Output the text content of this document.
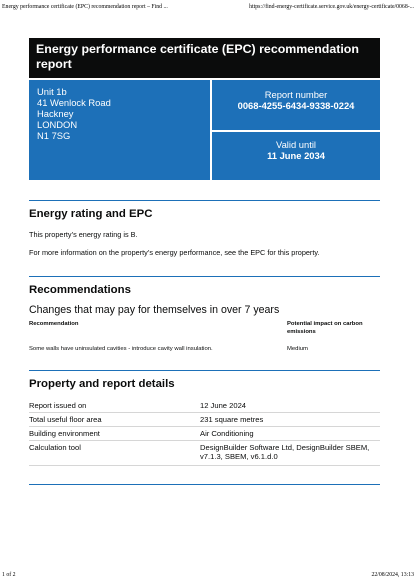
Energy performance certificate (EPC) recommendation report – Find ...	https://find-energy-certificate.service.gov.uk/energy-certificate/0068-...
Energy performance certificate (EPC) recommendation report
Unit 1b
41 Wenlock Road
Hackney
LONDON
N1 7SG
Report number
0068-4255-6434-9338-0224
Valid until
11 June 2034
Energy rating and EPC

This property’s energy rating is B.

For more information on the property’s energy performance, see the EPC for this property.

Recommendations
Changes that may pay for themselves in over 7 years
Recommendation	Potential impact on carbon emissions
Some walls have uninsulated cavities - introduce cavity wall insulation.	Medium
Property and report details
Report issued on	12 June 2024
Total useful floor area	231 square metres
Building environment	Air Conditioning
Calculation tool	DesignBuilder Software Ltd, DesignBuilder SBEM, v7.1.3, SBEM, v6.1.d.0
1 of 2	22/08/2024, 13:13
